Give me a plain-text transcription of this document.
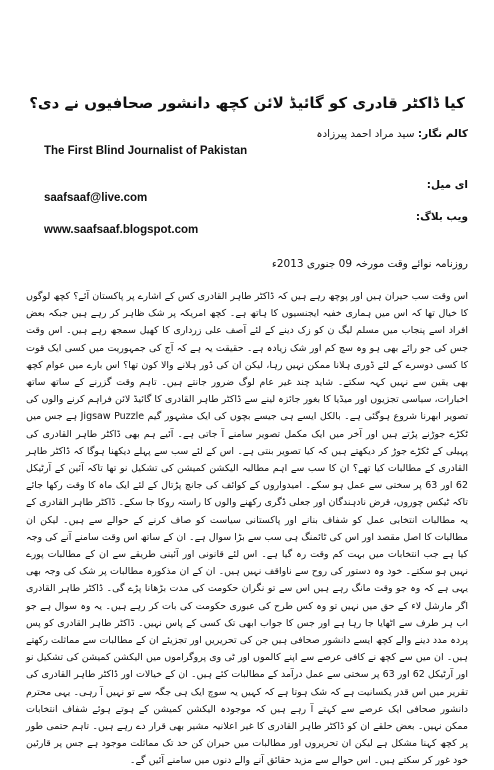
کیا ڈاکٹر قادری کو گائیڈ لائن کچھ دانشور صحافیوں نے دی؟
کالم نگار: سید مراد احمد پیرزادہ
The First Blind Journalist of Pakistan
ای میل:
saafsaaf@live.com
ویب بلاگ:
www.saafsaaf.blogspot.com
روزنامہ نوائے وقت مورخہ 09 جنوری 2013ء

اس وقت سب حیران ہیں اور پوچھ رہے ہیں کہ ڈاکٹر طاہر القادری کس کے اشارے پر پاکستان آئے؟ کچھ لوگوں کا خیال تھا کہ اس میں ہماری خفیہ ایجنسیوں کا ہاتھ ہے۔ کچھ امریکہ پر شک ظاہر کر رہے ہیں جبکہ بعض افراد اسے پنجاب میں مسلم لیگ ن کو زک دینے کے لئے آصف علی زرداری کا کھیل سمجھ رہے ہیں۔ اس وقت جس کی جو رائے بھی ہو وہ سچ کم اور شک زیادہ ہے۔ حقیقت یہ ہے کہ آج کی جمہوریت میں کسی ایک قوت کا کسی دوسرے کے لئے ڈوری ہلانا ممکن نہیں رہا، لیکن ان کی ڈور ہلانے والا کون تھا؟ اس بارے میں عوام کچھ بھی یقین سے نہیں کہہ سکتے۔ شاید چند غیر عام لوگ ضرور جانتے ہیں۔ تاہم وقت گزرنے کے ساتھ ساتھ اخبارات، سیاسی تجزیوں اور میڈیا کا بغور جائزہ لینے سے ڈاکٹر طاہر القادری کا گائیڈ لائن فراہم کرنے والوں کی تصویر ابھرنا شروع ہوگئی ہے۔ بالکل ایسے ہی جیسے بچوں کی ایک مشہور گیم Jigsaw Puzzle ہے جس میں ٹکڑے جوڑنے پڑتے ہیں اور آخر میں ایک مکمل تصویر سامنے آ جاتی ہے۔ آئیے ہم بھی ڈاکٹر طاہر القادری کی پہیلی کے ٹکڑے جوڑ کر دیکھتے ہیں کہ کیا تصویر بنتی ہے۔ اس کے لئے سب سے پہلے دیکھنا ہوگا کہ ڈاکٹر طاہر القادری کے مطالبات کیا تھے؟ ان کا سب سے اہم مطالبہ الیکشن کمیشن کی تشکیل نو تھا تاکہ آئین کے آرٹیکل 62 اور 63 پر سختی سے عمل ہو سکے۔ امیدواروں کے کوائف کی جانچ پڑتال کے لئے ایک ماہ کا وقت رکھا جائے تاکہ ٹیکس چوروں، قرض نادہندگان اور جعلی ڈگری رکھنے والوں کا راستہ روکا جا سکے۔ ڈاکٹر طاہر القادری کے یہ مطالبات انتخابی عمل کو شفاف بنانے اور پاکستانی سیاست کو صاف کرنے کے حوالے سے ہیں۔ لیکن ان مطالبات کا اصل مقصد اور اس کی ٹائمنگ ہی سب سے بڑا سوال ہے۔ ان کے ساتھ اس وقت سامنے آنے کی وجہ کیا ہے جب انتخابات میں بہت کم وقت رہ گیا ہے۔ اس لئے قانونی اور آئینی طریقے سے ان کے مطالبات پورے نہیں ہو سکتے۔ خود وہ دستور کی روح سے ناواقف نہیں ہیں۔ ان کے ان مذکورہ مطالبات پر شک کی وجہ بھی یہی ہے کہ وہ جو وقت مانگ رہے ہیں اس سے تو نگران حکومت کی مدت بڑھانا پڑے گی۔ ڈاکٹر طاہر القادری اگر مارشل لاء کے حق میں نہیں تو وہ کس طرح کی عبوری حکومت کی بات کر رہے ہیں۔ یہ وہ سوال ہے جو اب ہر طرف سے اٹھایا جا رہا ہے اور جس کا جواب ابھی تک کسی کے پاس نہیں۔ ڈاکٹر طاہر القادری کو پس پردہ مدد دینے والے کچھ ایسے دانشور صحافی ہیں جن کی تحریریں اور تجزیئے ان کے مطالبات سے مماثلت رکھتے ہیں۔ ان میں سے کچھ نے کافی عرصے سے اپنے کالموں اور ٹی وی پروگراموں میں الیکشن کمیشن کی تشکیل نو اور آرٹیکل 62 اور 63 پر سختی سے عمل درآمد کے مطالبات کئے ہیں۔ ان کے خیالات اور ڈاکٹر طاہر القادری کی تقریر میں اس قدر یکسانیت ہے کہ شک ہوتا ہے کہ کہیں یہ سوچ ایک ہی جگہ سے تو نہیں آ رہی۔ یہی محترم دانشور صحافی ایک عرصے سے کہتے آ رہے ہیں کہ موجودہ الیکشن کمیشن کے ہوتے ہوئے شفاف انتخابات ممکن نہیں۔ بعض حلقے ان کو ڈاکٹر طاہر القادری کا غیر اعلانیہ مشیر بھی قرار دے رہے ہیں۔ تاہم حتمی طور پر کچھ کہنا مشکل ہے لیکن ان تحریروں اور مطالبات میں حیران کن حد تک مماثلت موجود ہے جس پر قارئین خود غور کر سکتے ہیں۔ اس حوالے سے مزید حقائق آنے والے دنوں میں سامنے آئیں گے۔
